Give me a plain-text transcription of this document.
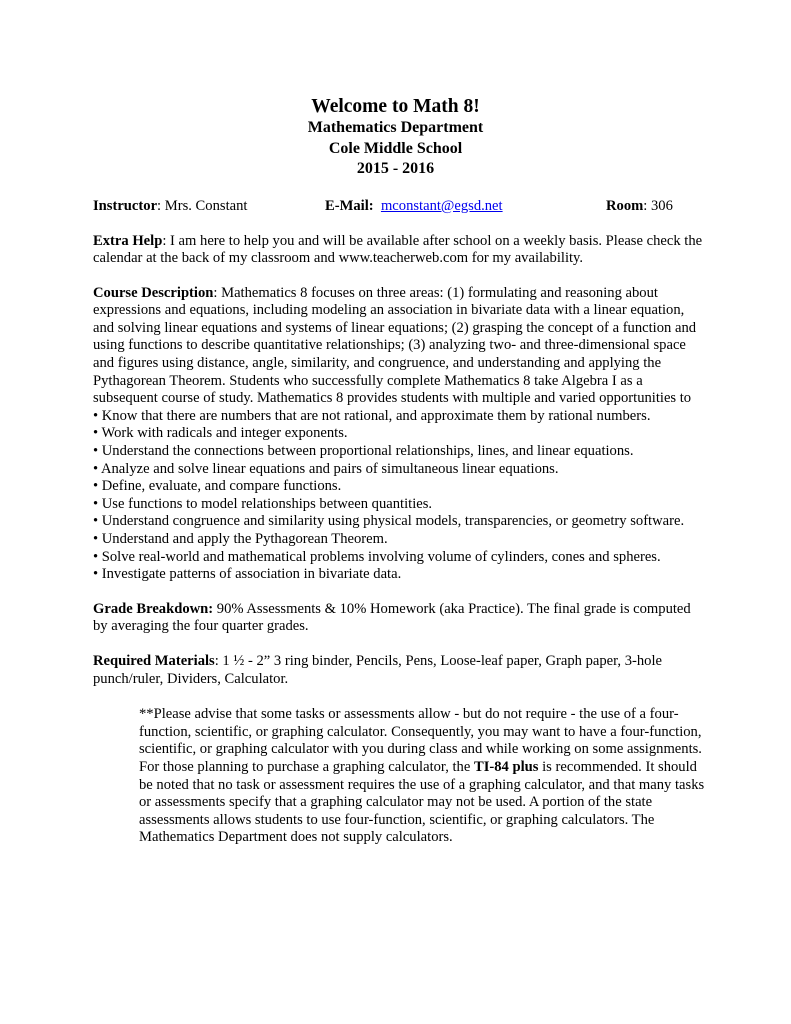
Welcome to Math 8!
Mathematics Department
Cole Middle School
2015 - 2016
Instructor: Mrs. Constant	E-Mail: mconstant@egsd.net	Room: 306

Extra Help: I am here to help you and will be available after school on a weekly basis. Please check the calendar at the back of my classroom and www.teacherweb.com for my availability.

Course Description: Mathematics 8 focuses on three areas: (1) formulating and reasoning about expressions and equations, including modeling an association in bivariate data with a linear equation, and solving linear equations and systems of linear equations; (2) grasping the concept of a function and using functions to describe quantitative relationships; (3) analyzing two- and three-dimensional space and figures using distance, angle, similarity, and congruence, and understanding and applying the Pythagorean Theorem. Students who successfully complete Mathematics 8 take Algebra I as a subsequent course of study. Mathematics 8 provides students with multiple and varied opportunities to

• Know that there are numbers that are not rational, and approximate them by rational numbers.
• Work with radicals and integer exponents.
• Understand the connections between proportional relationships, lines, and linear equations.
• Analyze and solve linear equations and pairs of simultaneous linear equations.
• Define, evaluate, and compare functions.
• Use functions to model relationships between quantities.
• Understand congruence and similarity using physical models, transparencies, or geometry software.
• Understand and apply the Pythagorean Theorem.
• Solve real-world and mathematical problems involving volume of cylinders, cones and spheres.
• Investigate patterns of association in bivariate data.

Grade Breakdown: 90% Assessments & 10% Homework (aka Practice). The final grade is computed by averaging the four quarter grades.

Required Materials: 1 ½ - 2” 3 ring binder, Pencils, Pens, Loose-leaf paper, Graph paper, 3-hole punch/ruler, Dividers, Calculator.

**Please advise that some tasks or assessments allow - but do not require - the use of a four-function, scientific, or graphing calculator. Consequently, you may want to have a four-function, scientific, or graphing calculator with you during class and while working on some assignments. For those planning to purchase a graphing calculator, the TI-84 plus is recommended. It should be noted that no task or assessment requires the use of a graphing calculator, and that many tasks or assessments specify that a graphing calculator may not be used. A portion of the state assessments allows students to use four-function, scientific, or graphing calculators. The Mathematics Department does not supply calculators.
